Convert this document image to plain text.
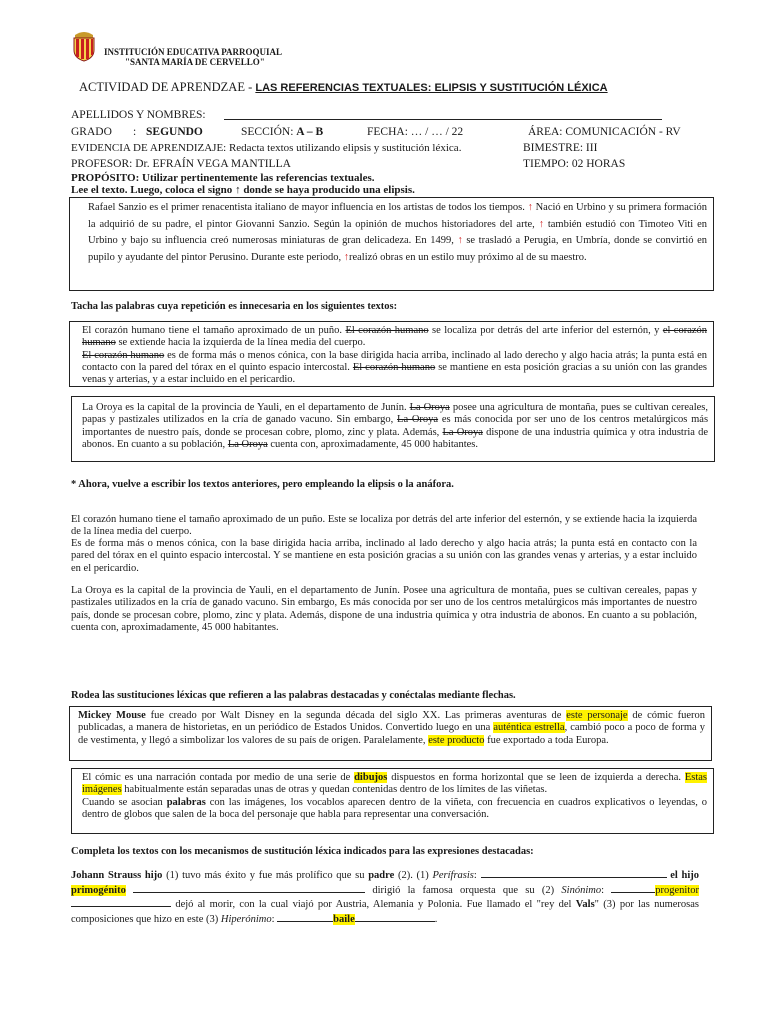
INSTITUCIÓN EDUCATIVA PARROQUIAL
"SANTA MARÍA DE CERVELLO"
ACTIVIDAD DE APRENDZAE - LAS REFERENCIAS TEXTUALES: ELIPSIS Y SUSTITUCIÓN LÉXICA
APELLIDOS Y NOMBRES:
GRADO : SEGUNDO	SECCIÓN: A – B	FECHA: … / … / 22	ÁREA: COMUNICACIÓN - RV
EVIDENCIA DE APRENDIZAJE: Redacta textos utilizando elipsis y sustitución léxica.	BIMESTRE: III
PROFESOR: Dr. EFRAÍN VEGA MANTILLA	TIEMPO: 02 HORAS
PROPÓSITO: Utilizar pertinentemente las referencias textuales.
Lee el texto. Luego, coloca el signo ↑ donde se haya producido una elipsis.
Rafael Sanzio es el primer renacentista italiano de mayor influencia en los artistas de todos los tiempos. ↑ Nació en Urbino y su primera formación la adquirió de su padre, el pintor Giovanni Sanzio. Según la opinión de muchos historiadores del arte, ↑ también estudió con Timoteo Viti en Urbino y bajo su influencia creó numerosas miniaturas de gran delicadeza. En 1499, ↑ se trasladó a Perugia, en Umbría, donde se convirtió en pupilo y ayudante del pintor Perusino. Durante este periodo, ↑realizó obras en un estilo muy próximo al de su maestro.
Tacha las palabras cuya repetición es innecesaria en los siguientes textos:
El corazón humano tiene el tamaño aproximado de un puño. El corazón humano se localiza por detrás del arte inferior del esternón, y el corazón humano se extiende hacia la izquierda de la línea media del cuerpo.
El corazón humano es de forma más o menos cónica, con la base dirigida hacia arriba, inclinado al lado derecho y algo hacia atrás; la punta está en contacto con la pared del tórax en el quinto espacio intercostal. El corazón humano se mantiene en esta posición gracias a su unión con las grandes venas y arterias, y a estar incluido en el pericardio.
La Oroya es la capital de la provincia de Yauli, en el departamento de Junín. La Oroya posee una agricultura de montaña, pues se cultivan cereales, papas y pastizales utilizados en la cría de ganado vacuno. Sin embargo, La Oroya es más conocida por ser uno de los centros metalúrgicos más importantes de nuestro país, donde se procesan cobre, plomo, zinc y plata. Además, La Oroya dispone de una industria química y otra industria de abonos. En cuanto a su población, La Oroya cuenta con, aproximadamente, 45 000 habitantes.
* Ahora, vuelve a escribir los textos anteriores, pero empleando la elipsis o la anáfora.
El corazón humano tiene el tamaño aproximado de un puño. Este se localiza por detrás del arte inferior del esternón, y se extiende hacia la izquierda de la línea media del cuerpo.
Es de forma más o menos cónica, con la base dirigida hacia arriba, inclinado al lado derecho y algo hacia atrás; la punta está en contacto con la pared del tórax en el quinto espacio intercostal. Y se mantiene en esta posición gracias a su unión con las grandes venas y arterias, y a estar incluido en el pericardio.
La Oroya es la capital de la provincia de Yauli, en el departamento de Junín. Posee una agricultura de montaña, pues se cultivan cereales, papas y pastizales utilizados en la cría de ganado vacuno. Sin embargo, Es más conocida por ser uno de los centros metalúrgicos más importantes de nuestro país, donde se procesan cobre, plomo, zinc y plata. Además, dispone de una industria química y otra industria de abonos. En cuanto a su población, cuenta con, aproximadamente, 45 000 habitantes.
Rodea las sustituciones léxicas que refieren a las palabras destacadas y conéctalas mediante flechas.
Mickey Mouse fue creado por Walt Disney en la segunda década del siglo XX. Las primeras aventuras de este personaje de cómic fueron publicadas, a manera de historietas, en un periódico de Estados Unidos. Convertido luego en una auténtica estrella, cambió poco a poco de forma y de vestimenta, y llegó a simbolizar los valores de su país de origen. Paralelamente, este producto fue exportado a toda Europa.
El cómic es una narración contada por medio de una serie de dibujos dispuestos en forma horizontal que se leen de izquierda a derecha. Estas imágenes habitualmente están separadas unas de otras y quedan contenidas dentro de los límites de las viñetas.
Cuando se asocian palabras con las imágenes, los vocablos aparecen dentro de la viñeta, con frecuencia en cuadros explicativos o leyendas, o dentro de globos que salen de la boca del personaje que habla para representar una conversación.
Completa los textos con los mecanismos de sustitución léxica indicados para las expresiones destacadas:
Johann Strauss hijo (1) tuvo más éxito y fue más prolífico que su padre (2). (1) Perífrasis:	el hijo primogénito	dirigió la famosa orquesta que su (2) Sinónimo:	progenitor dejó al morir, con la cual viajó por Austria, Alemania y Polonia. Fue llamado el "rey del Vals" (3) por las numerosas composiciones que hizo en este (3) Hiperónimo:	baile	.
